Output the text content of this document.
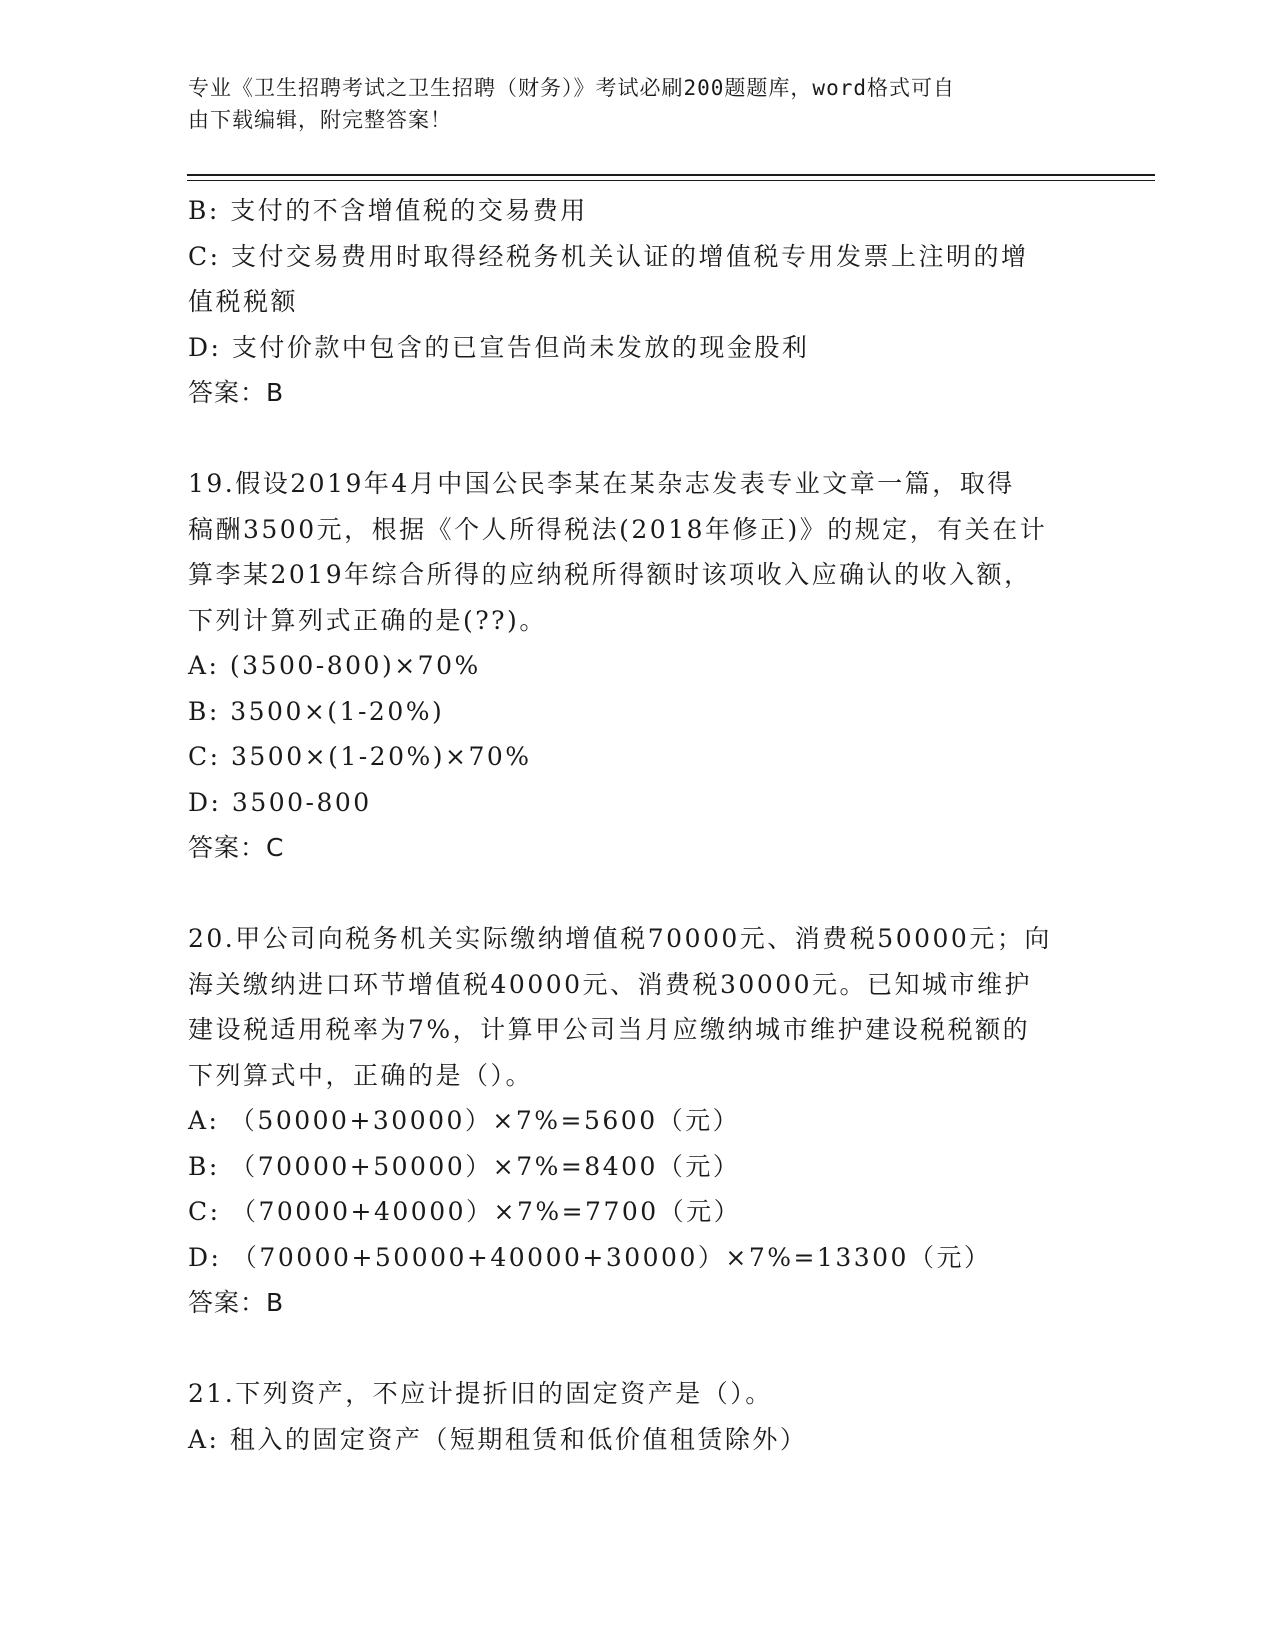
专业《卫生招聘考试之卫生招聘（财务）》考试必刷200题题库，word格式可自
由下载编辑，附完整答案！
B: 支付的不含增值税的交易费用
C: 支付交易费用时取得经税务机关认证的增值税专用发票上注明的增
值税税额
D: 支付价款中包含的已宣告但尚未发放的现金股利
答案：B
19.假设2019年4月中国公民李某在某杂志发表专业文章一篇，取得
稿酬3500元，根据《个人所得税法(2018年修正)》的规定，有关在计
算李某2019年综合所得的应纳税所得额时该项收入应确认的收入额，
下列计算列式正确的是(??)。
A: (3500-800)×70%
B: 3500×(1-20%)
C: 3500×(1-20%)×70%
D: 3500-800
答案：C
20.甲公司向税务机关实际缴纳增值税70000元、消费税50000元；向
海关缴纳进口环节增值税40000元、消费税30000元。已知城市维护
建设税适用税率为7%，计算甲公司当月应缴纳城市维护建设税税额的
下列算式中，正确的是（）。
A: （50000+30000）×7%=5600（元）
B: （70000+50000）×7%=8400（元）
C: （70000+40000）×7%=7700（元）
D: （70000+50000+40000+30000）×7%=13300（元）
答案：B
21.下列资产，不应计提折旧的固定资产是（）。
A: 租入的固定资产（短期租赁和低价值租赁除外）
